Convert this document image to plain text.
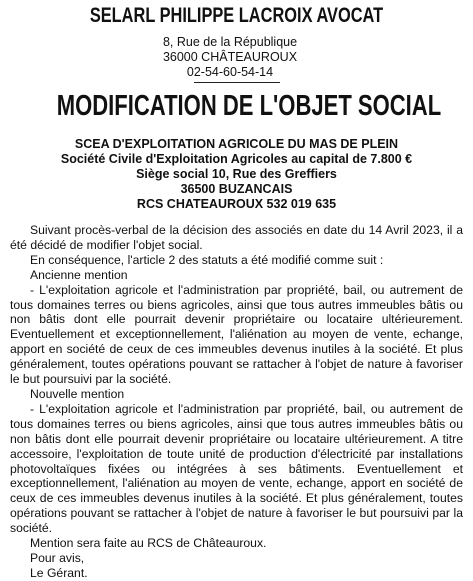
SELARL PHILIPPE LACROIX AVOCAT
8, Rue de la République
36000 CHÂTEAUROUX
02-54-60-54-14
MODIFICATION DE L'OBJET SOCIAL
SCEA D'EXPLOITATION AGRICOLE DU MAS DE PLEIN
Société Civile d'Exploitation Agricoles au capital de 7.800 €
Siège social 10, Rue des Greffiers
36500 BUZANCAIS
RCS CHATEAUROUX 532 019 635

Suivant procès-verbal de la décision des associés en date du 14 Avril 2023, il a été décidé de modifier l'objet social.

En conséquence, l'article 2 des statuts a été modifié comme suit :

Ancienne mention

- L'exploitation agricole et l'administration par propriété, bail, ou autrement de tous domaines terres ou biens agricoles, ainsi que tous autres immeubles bâtis ou non bâtis dont elle pourrait devenir propriétaire ou locataire ultérieurement. Eventuellement et exceptionnellement, l'aliénation au moyen de vente, echange, apport en société de ceux de ces immeubles devenus inutiles à la société. Et plus généralement, toutes opérations pouvant se rattacher à l'objet de nature à favoriser le but poursuivi par la société.

Nouvelle mention

- L'exploitation agricole et l'administration par propriété, bail, ou autrement de tous domaines terres ou biens agricoles, ainsi que tous autres immeubles bâtis ou non bâtis dont elle pourrait devenir propriétaire ou locataire ultérieurement. A titre accessoire, l'exploitation de toute unité de production d'électricité par installations photovoltaïques fixées ou intégrées à ses bâtiments. Eventuellement et exceptionnellement, l'aliénation au moyen de vente, echange, apport en société de ceux de ces immeubles devenus inutiles à la société. Et plus généralement, toutes opérations pouvant se rattacher à l'objet de nature à favoriser le but poursuivi par la société.

Mention sera faite au RCS de Châteauroux.

Pour avis,

Le Gérant.
